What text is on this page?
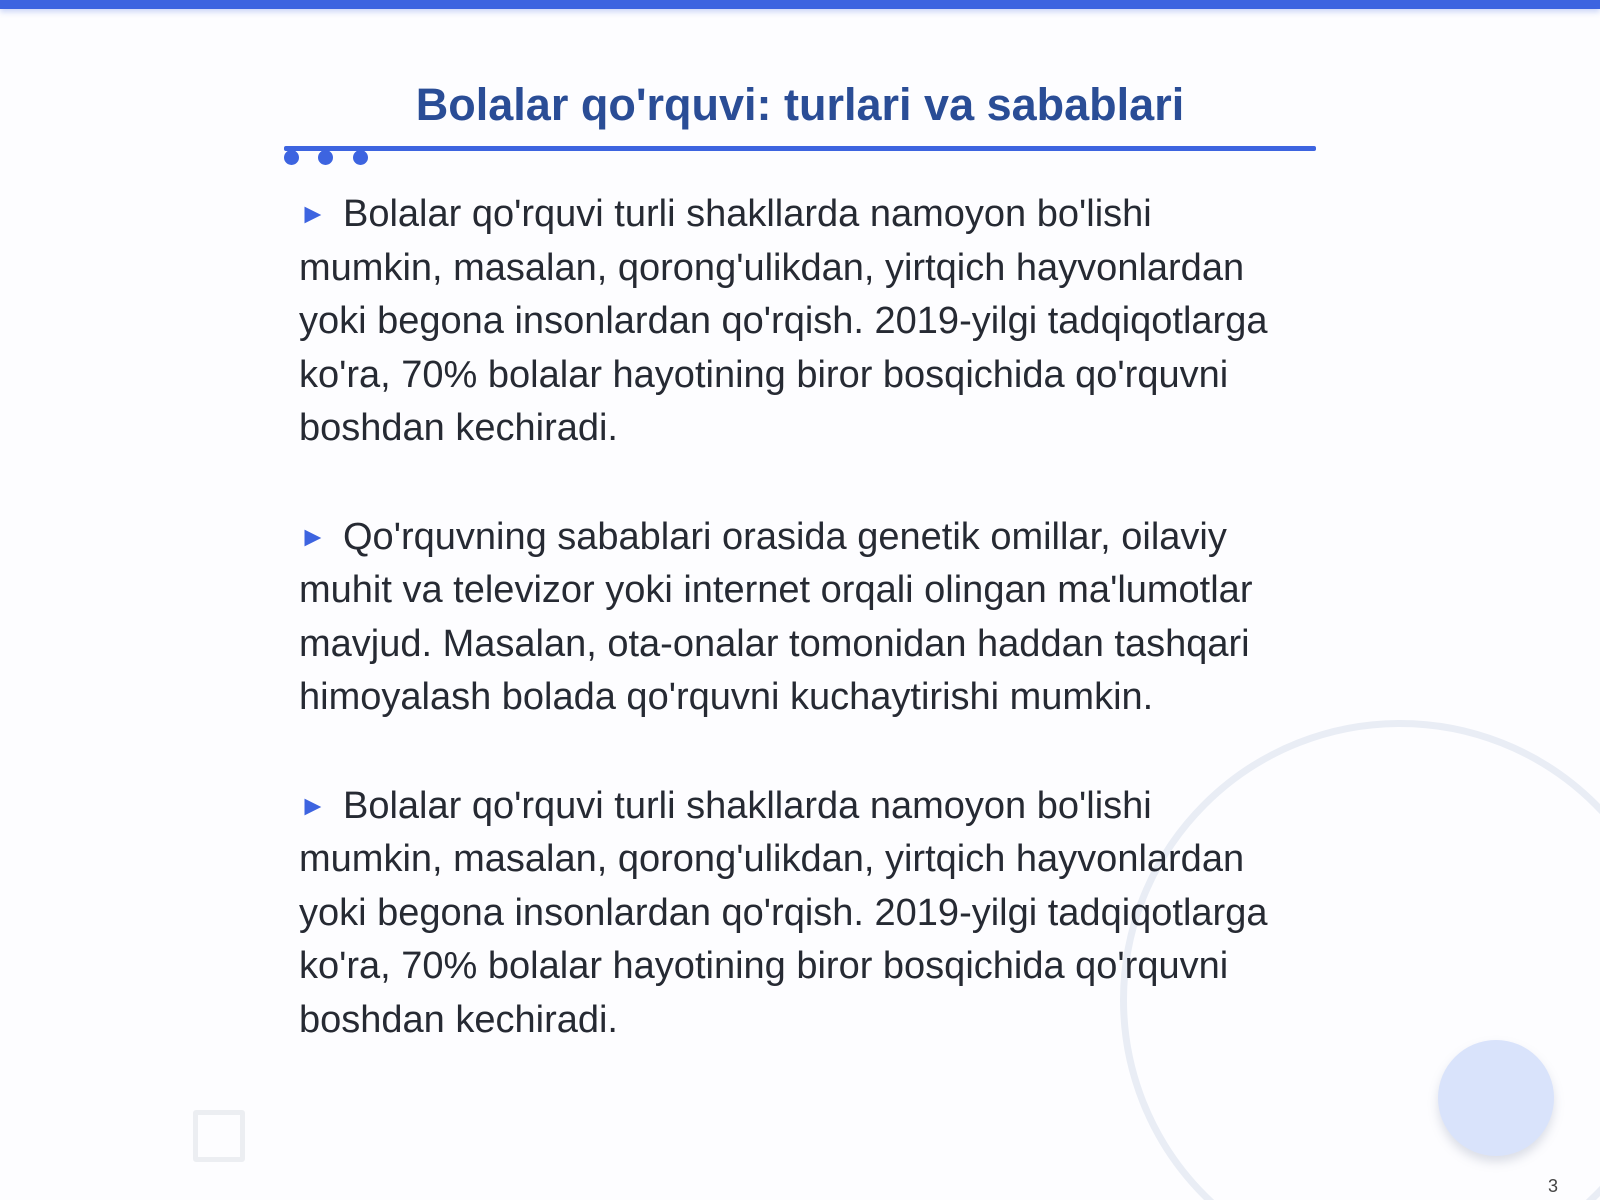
Bolalar qo'rquvi: turlari va sabablari
► Bolalar qo'rquvi turli shakllarda namoyon bo'lishi mumkin, masalan, qorong'ulikdan, yirtqich hayvonlardan yoki begona insonlardan qo'rqish. 2019-yilgi tadqiqotlarga ko'ra, 70% bolalar hayotining biror bosqichida qo'rquvni boshdan kechiradi.
► Qo'rquvning sabablari orasida genetik omillar, oilaviy muhit va televizor yoki internet orqali olingan ma'lumotlar mavjud. Masalan, ota-onalar tomonidan haddan tashqari himoyalash bolada qo'rquvni kuchaytirishi mumkin.
► Bolalar qo'rquvi turli shakllarda namoyon bo'lishi mumkin, masalan, qorong'ulikdan, yirtqich hayvonlardan yoki begona insonlardan qo'rqish. 2019-yilgi tadqiqotlarga ko'ra, 70% bolalar hayotining biror bosqichida qo'rquvni boshdan kechiradi.
3
